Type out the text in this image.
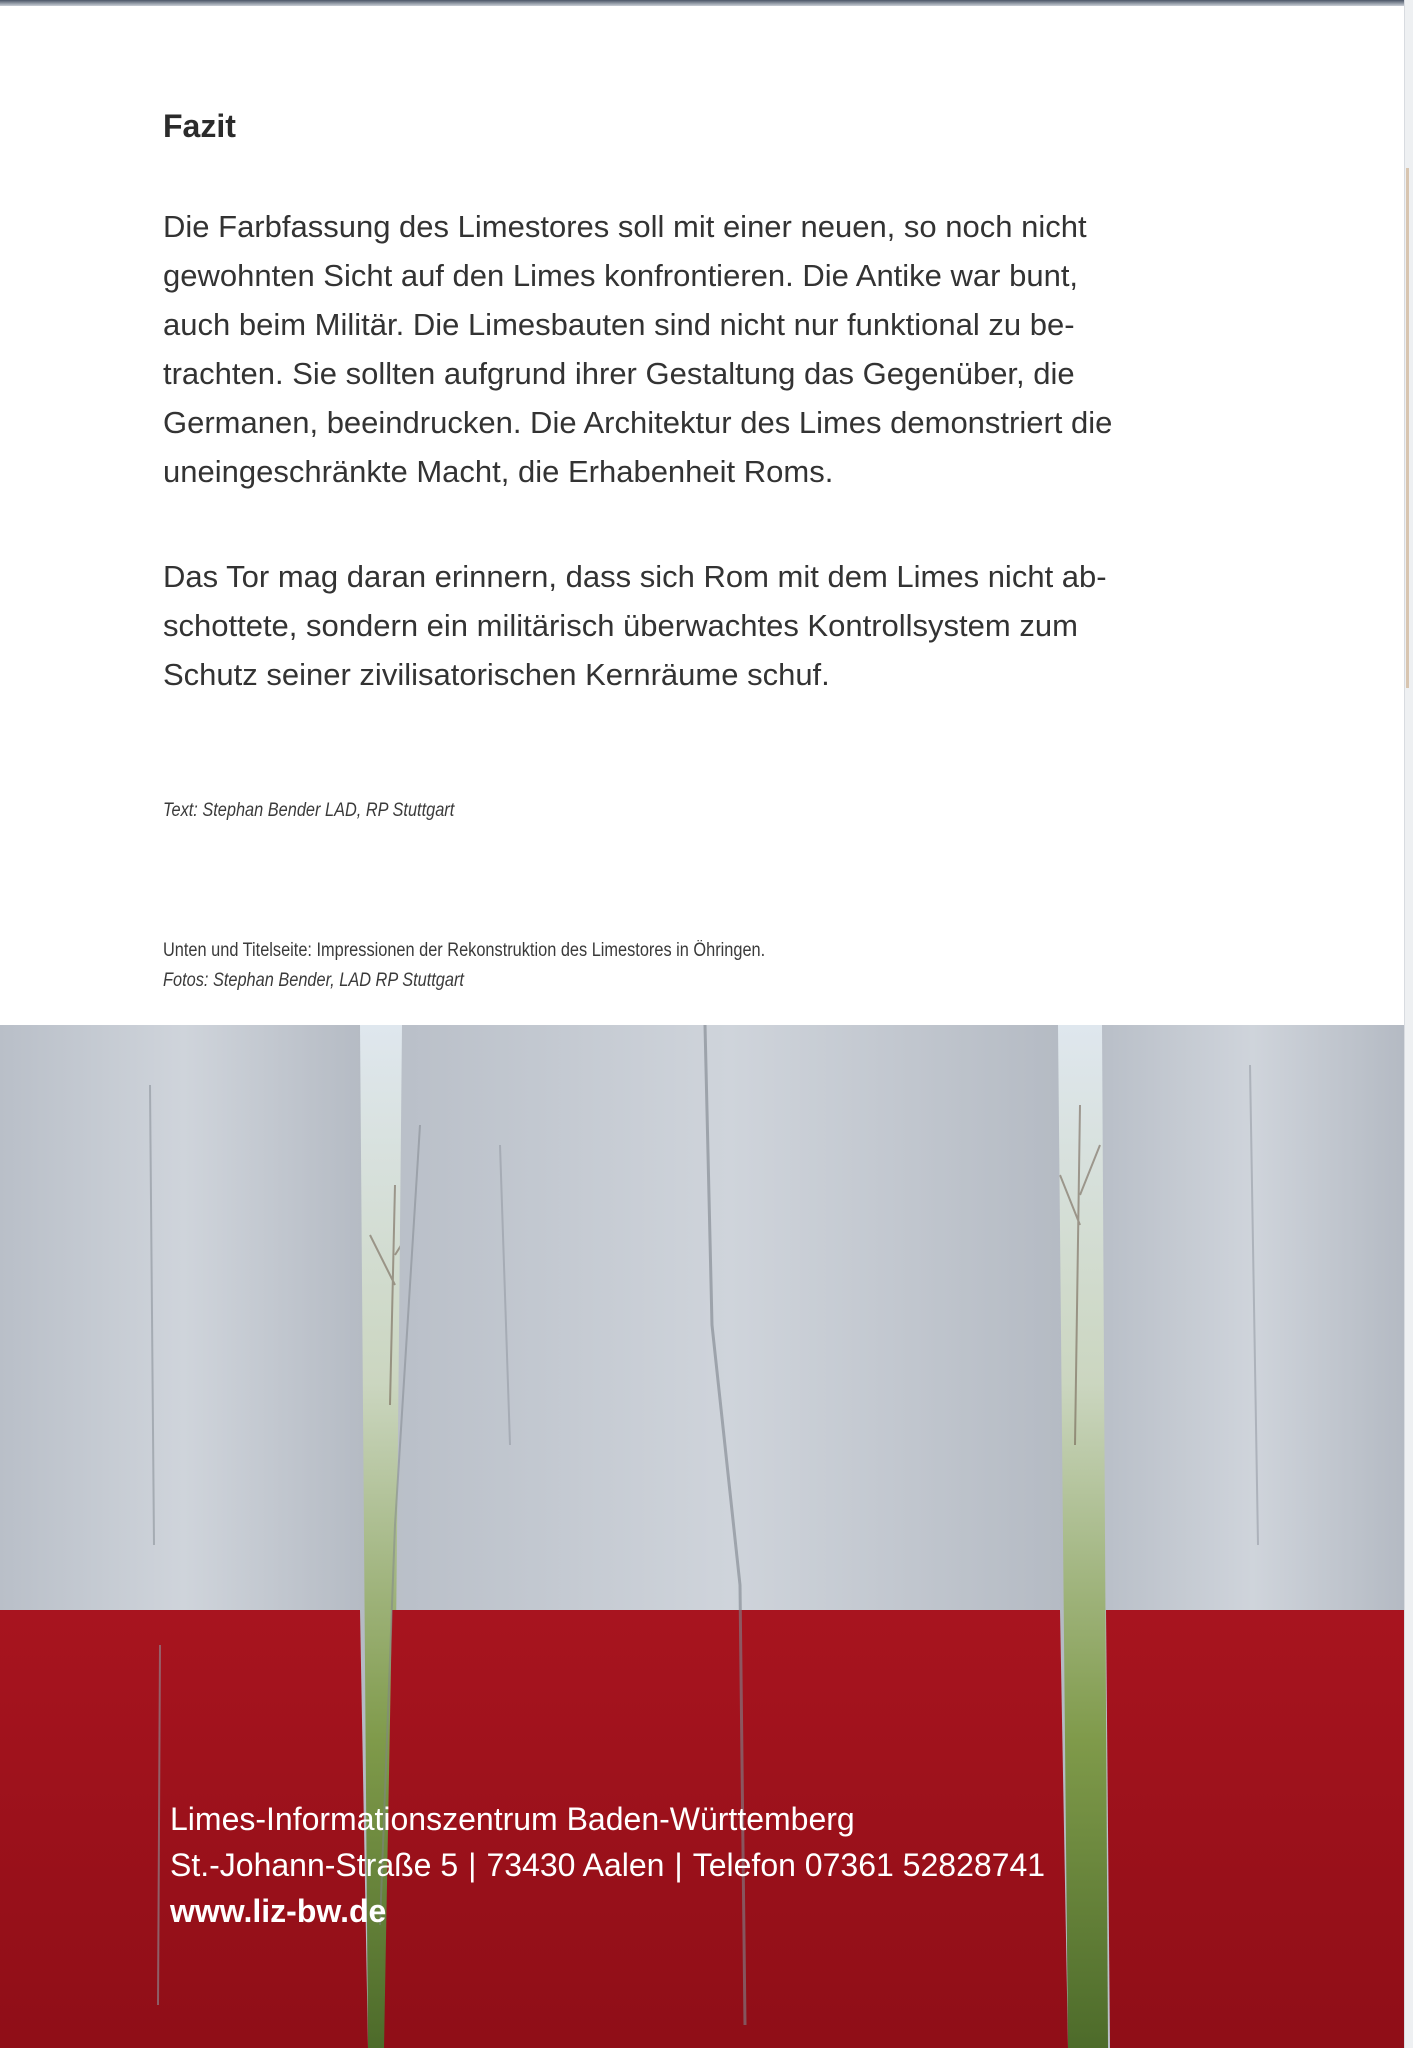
Fazit

Die Farbfassung des Limestores soll mit einer neuen, so noch nicht
gewohnten Sicht auf den Limes konfrontieren. Die Antike war bunt,
auch beim Militär. Die Limesbauten sind nicht nur funktional zu be-
trachten. Sie sollten aufgrund ihrer Gestaltung das Gegenüber, die
Germanen, beeindrucken. Die Architektur des Limes demonstriert die
uneingeschränkte Macht, die Erhabenheit Roms.

Das Tor mag daran erinnern, dass sich Rom mit dem Limes nicht ab-
schottete, sondern ein militärisch überwachtes Kontrollsystem zum
Schutz seiner zivilisatorischen Kernräume schuf.

Text: Stephan Bender LAD, RP Stuttgart

Unten und Titelseite: Impressionen der Rekonstruktion des Limestores in Öhringen.
Fotos: Stephan Bender, LAD RP Stuttgart

Limes-Informationszentrum Baden-Württemberg
St.-Johann-Straße 5 | 73430 Aalen | Telefon 07361 52828741
www.liz-bw.de
